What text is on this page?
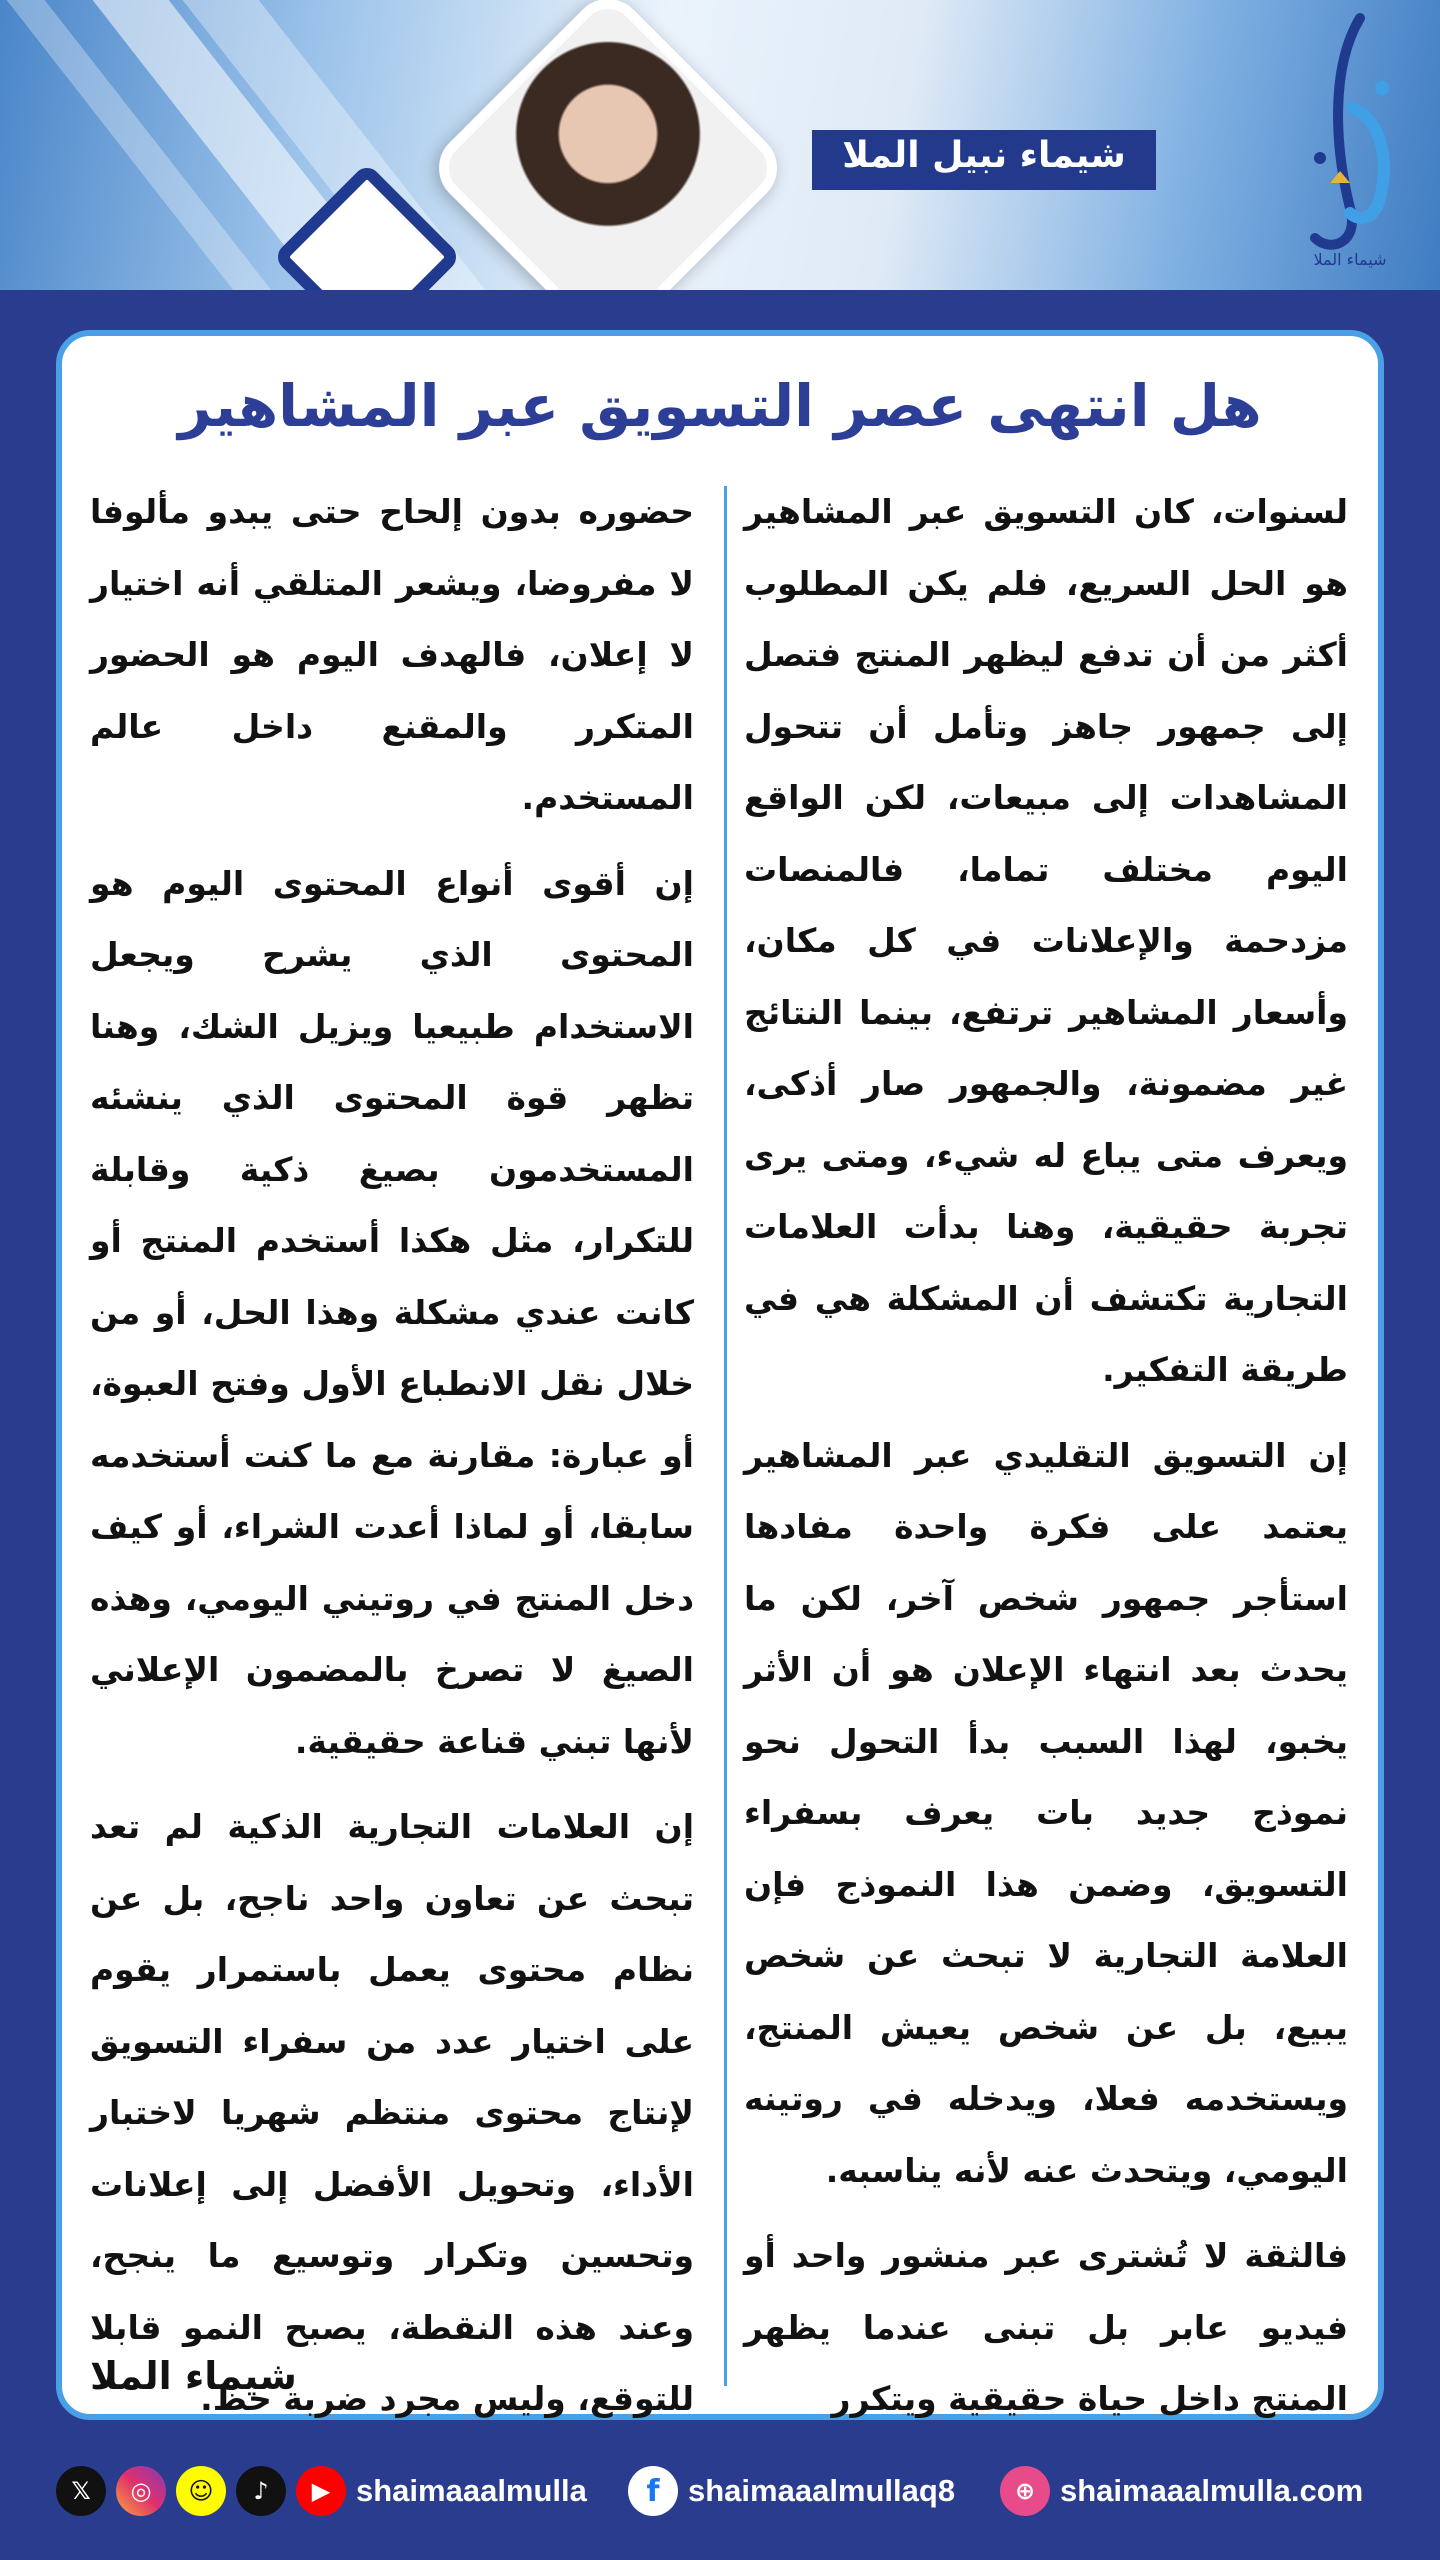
شيماء نبيل الملا
شيماء الملا
هل انتهى عصر التسويق عبر المشاهير

لسنوات، كان التسويق عبر المشاهير هو الحل السريع، فلم يكن المطلوب أكثر من أن تدفع ليظهر المنتج فتصل إلى جمهور جاهز وتأمل أن تتحول المشاهدات إلى مبيعات، لكن الواقع اليوم مختلف تماما، فالمنصات مزدحمة والإعلانات في كل مكان، وأسعار المشاهير ترتفع، بينما النتائج غير مضمونة، والجمهور صار أذكى، ويعرف متى يباع له شيء، ومتى يرى تجربة حقيقية، وهنا بدأت العلامات التجارية تكتشف أن المشكلة هي في طريقة التفكير.

إن التسويق التقليدي عبر المشاهير يعتمد على فكرة واحدة مفادها استأجر جمهور شخص آخر، لكن ما يحدث بعد انتهاء الإعلان هو أن الأثر يخبو، لهذا السبب بدأ التحول نحو نموذج جديد بات يعرف بسفراء التسويق، وضمن هذا النموذج فإن العلامة التجارية لا تبحث عن شخص يبيع، بل عن شخص يعيش المنتج، ويستخدمه فعلا، ويدخله في روتينه اليومي، ويتحدث عنه لأنه يناسبه.

فالثقة لا تُشترى عبر منشور واحد أو فيديو عابر بل تبنى عندما يظهر المنتج داخل حياة حقيقية ويتكرر

حضوره بدون إلحاح حتى يبدو مألوفا لا مفروضا، ويشعر المتلقي أنه اختيار لا إعلان، فالهدف اليوم هو الحضور المتكرر والمقنع داخل عالم المستخدم.

إن أقوى أنواع المحتوى اليوم هو المحتوى الذي يشرح ويجعل الاستخدام طبيعيا ويزيل الشك، وهنا تظهر قوة المحتوى الذي ينشئه المستخدمون بصيغ ذكية وقابلة للتكرار، مثل هكذا أستخدم المنتج أو كانت عندي مشكلة وهذا الحل، أو من خلال نقل الانطباع الأول وفتح العبوة، أو عبارة: مقارنة مع ما كنت أستخدمه سابقا، أو لماذا أعدت الشراء، أو كيف دخل المنتج في روتيني اليومي، وهذه الصيغ لا تصرخ بالمضمون الإعلاني لأنها تبني قناعة حقيقية.

إن العلامات التجارية الذكية لم تعد تبحث عن تعاون واحد ناجح، بل عن نظام محتوى يعمل باستمرار يقوم على اختيار عدد من سفراء التسويق لإنتاج محتوى منتظم شهريا لاختبار الأداء، وتحويل الأفضل إلى إعلانات وتحسين وتكرار وتوسيع ما ينجح، وعند هذه النقطة، يصبح النمو قابلا للتوقع، وليس مجرد ضربة حظ.

شيماء الملا
𝕏	◎	☺	♪	▶ shaimaaalmulla	f shaimaaalmullaq8	⊕ shaimaaalmulla.com
